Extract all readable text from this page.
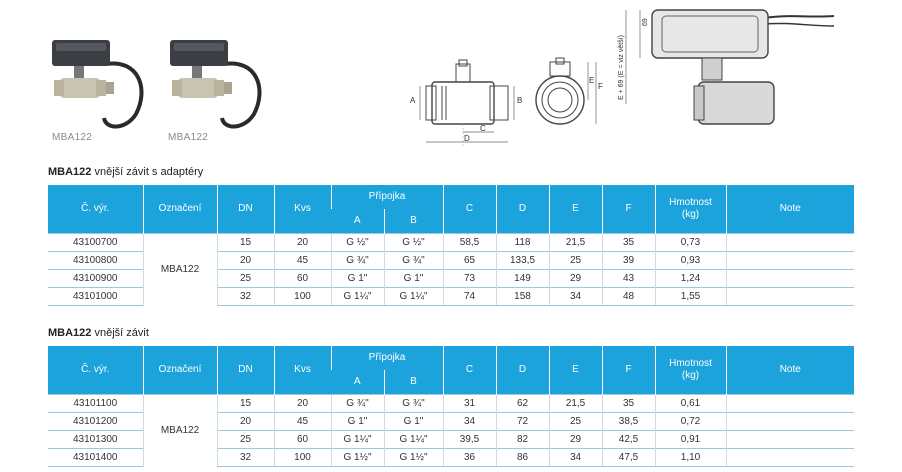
MBA122	MBA122
A	B
C
D
E
F
69
E + 69 (E = viz větší)
MBA122 vnější závit s adaptéry
Č. výr.	Označení	DN	Kvs	Přípojka		C	D	E	F	Hmotnost (kg)	Note
				A	B						
43100700	MBA122	15	20	G ½"	G ½"	58,5	118	21,5	35	0,73	
43100800		20	45	G ¾"	G ¾"	65	133,5	25	39	0,93	
43100900		25	60	G 1"	G 1"	73	149	29	43	1,24	
43101000		32	100	G 1¼"	G 1¼"	74	158	34	48	1,55	
MBA122 vnější závit
Č. výr.	Označení	DN	Kvs	Přípojka		C	D	E	F	Hmotnost (kg)	Note
				A	B						
43101100	MBA122	15	20	G ¾"	G ¾"	31	62	21,5	35	0,61	
43101200		20	45	G 1"	G 1"	34	72	25	38,5	0,72	
43101300		25	60	G 1¼"	G 1¼"	39,5	82	29	42,5	0,91	
43101400		32	100	G 1½"	G 1½"	36	86	34	47,5	1,10	
